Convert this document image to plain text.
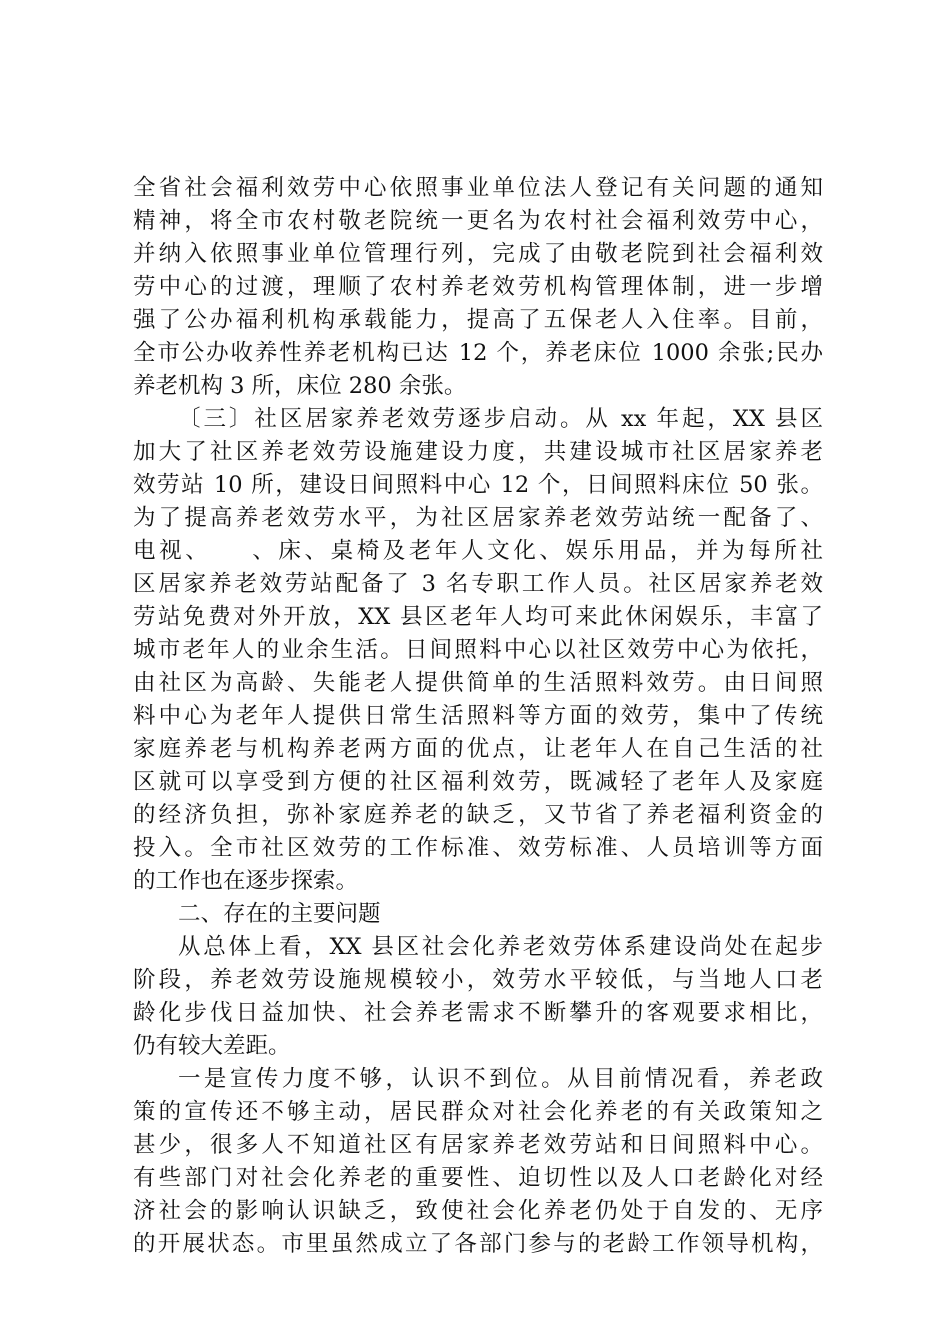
全省社会福利效劳中心依照事业单位法人登记有关问题的通知
精神，将全市农村敬老院统一更名为农村社会福利效劳中心，
并纳入依照事业单位管理行列，完成了由敬老院到社会福利效
劳中心的过渡，理顺了农村养老效劳机构管理体制，进一步增
强了公办福利机构承载能力，提高了五保老人入住率。目前，
全市公办收养性养老机构已达 12 个，养老床位 1000 余张;民办
养老机构 3 所，床位 280 余张。
〔三〕社区居家养老效劳逐步启动。从 xx 年起，XX 县区
加大了社区养老效劳设施建设力度，共建设城市社区居家养老
效劳站 10 所，建设日间照料中心 12 个，日间照料床位 50 张。
为了提高养老效劳水平，为社区居家养老效劳站统一配备了、
电视、　　、床、桌椅及老年人文化、娱乐用品，并为每所社
区居家养老效劳站配备了 3 名专职工作人员。社区居家养老效
劳站免费对外开放，XX 县区老年人均可来此休闲娱乐，丰富了
城市老年人的业余生活。日间照料中心以社区效劳中心为依托，
由社区为高龄、失能老人提供简单的生活照料效劳。由日间照
料中心为老年人提供日常生活照料等方面的效劳，集中了传统
家庭养老与机构养老两方面的优点，让老年人在自己生活的社
区就可以享受到方便的社区福利效劳，既减轻了老年人及家庭
的经济负担，弥补家庭养老的缺乏，又节省了养老福利资金的
投入。全市社区效劳的工作标准、效劳标准、人员培训等方面
的工作也在逐步探索。
二、存在的主要问题
从总体上看，XX 县区社会化养老效劳体系建设尚处在起步
阶段，养老效劳设施规模较小，效劳水平较低，与当地人口老
龄化步伐日益加快、社会养老需求不断攀升的客观要求相比，
仍有较大差距。
一是宣传力度不够，认识不到位。从目前情况看，养老政
策的宣传还不够主动，居民群众对社会化养老的有关政策知之
甚少，很多人不知道社区有居家养老效劳站和日间照料中心。
有些部门对社会化养老的重要性、迫切性以及人口老龄化对经
济社会的影响认识缺乏，致使社会化养老仍处于自发的、无序
的开展状态。市里虽然成立了各部门参与的老龄工作领导机构，
